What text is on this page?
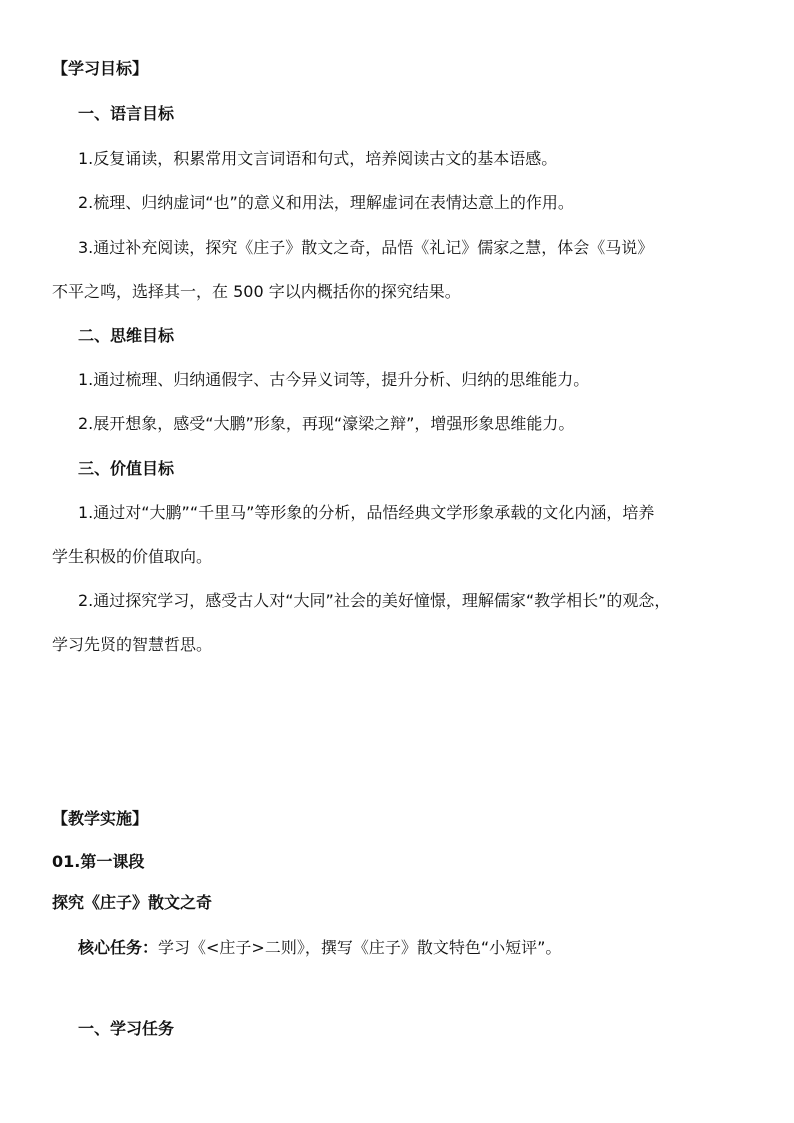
【学习目标】
一、语言目标
1.反复诵读，积累常用文言词语和句式，培养阅读古文的基本语感。
2.梳理、归纳虚词“也”的意义和用法，理解虚词在表情达意上的作用。
3.通过补充阅读，探究《庄子》散文之奇，品悟《礼记》儒家之慧，体会《马说》
不平之鸣，选择其一，在 500 字以内概括你的探究结果。
二、思维目标
1.通过梳理、归纳通假字、古今异义词等，提升分析、归纳的思维能力。
2.展开想象，感受“大鹏”形象，再现“濠梁之辩”，增强形象思维能力。
三、价值目标
1.通过对“大鹏”“千里马”等形象的分析，品悟经典文学形象承载的文化内涵，培养
学生积极的价值取向。
2.通过探究学习，感受古人对“大同”社会的美好憧憬，理解儒家“教学相长”的观念，
学习先贤的智慧哲思。
【教学实施】
01.第一课段
探究《庄子》散文之奇
核心任务：学习《<庄子>二则》，撰写《庄子》散文特色“小短评”。
一、学习任务
